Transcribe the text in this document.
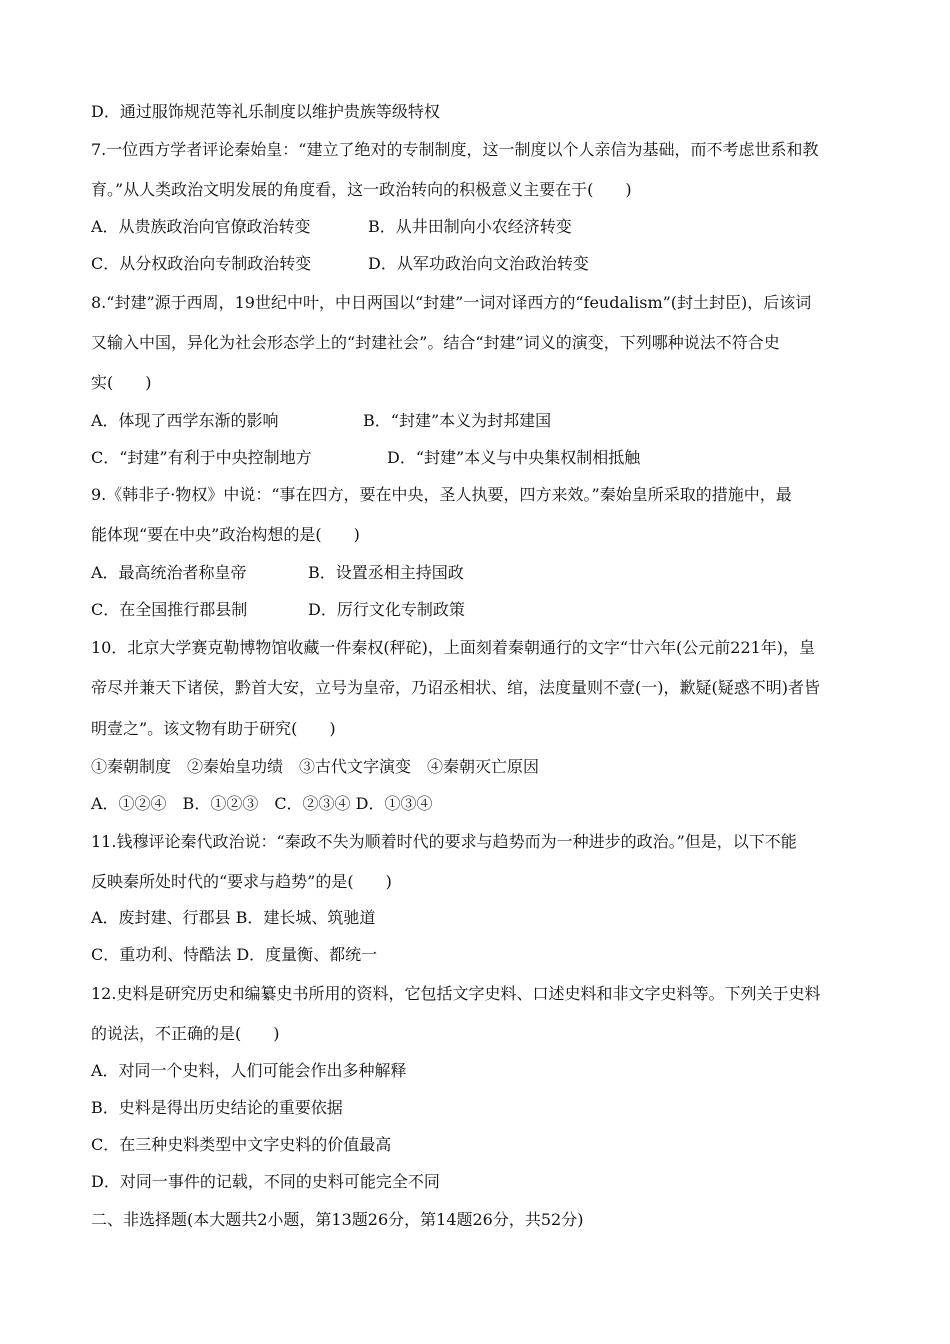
D．通过服饰规范等礼乐制度以维护贵族等级特权
7.一位西方学者评论秦始皇：“建立了绝对的专制制度，这一制度以个人亲信为基础，而不考虑世系和教
育。”从人类政治文明发展的角度看，这一政治转向的积极意义主要在于(　　)
A．从贵族政治向官僚政治转变	B．从井田制向小农经济转变
C．从分权政治向专制政治转变	D．从军功政治向文治政治转变
8.“封建”源于西周，19世纪中叶，中日两国以“封建”一词对译西方的“feudalism”(封土封臣)，后该词
又输入中国，异化为社会形态学上的“封建社会”。结合“封建”词义的演变，下列哪种说法不符合史
实(　　)
A．体现了西学东渐的影响	B．“封建”本义为封邦建国
C．“封建”有利于中央控制地方	D．“封建”本义与中央集权制相抵触
9.《韩非子·物权》中说：“事在四方，要在中央，圣人执要，四方来效。”秦始皇所采取的措施中，最
能体现“要在中央”政治构想的是(　　)
A．最高统治者称皇帝	B．设置丞相主持国政
C．在全国推行郡县制	D．厉行文化专制政策
10．北京大学赛克勒博物馆收藏一件秦权(秤砣)，上面刻着秦朝通行的文字“廿六年(公元前221年)，皇
帝尽并兼天下诸侯，黔首大安，立号为皇帝，乃诏丞相状、绾，法度量则不壹(一)，歉疑(疑惑不明)者皆
明壹之”。该文物有助于研究(　　)
①秦朝制度　②秦始皇功绩　③古代文字演变　④秦朝灭亡原因
A．①②④　B．①②③　C．②③④ D．①③④
11.钱穆评论秦代政治说：“秦政不失为顺着时代的要求与趋势而为一种进步的政治。”但是，以下不能
反映秦所处时代的“要求与趋势”的是(　　)
A．废封建、行郡县 B．建长城、筑驰道
C．重功利、恃酷法 D．度量衡、都统一
12.史料是研究历史和编纂史书所用的资料，它包括文字史料、口述史料和非文字史料等。下列关于史料
的说法，不正确的是(　　)
A．对同一个史料，人们可能会作出多种解释
B．史料是得出历史结论的重要依据
C．在三种史料类型中文字史料的价值最高
D．对同一事件的记载，不同的史料可能完全不同
二、非选择题(本大题共2小题，第13题26分，第14题26分，共52分)
